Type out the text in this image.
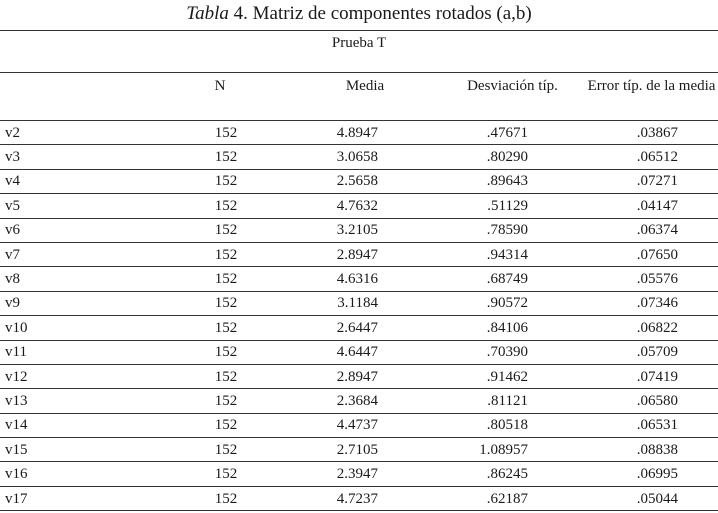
Tabla 4. Matriz de componentes rotados (a,b)
Prueba T				
	N	Media	Desviación típ.	Error típ. de la media
v2	152	4.8947	.47671	.03867
v3	152	3.0658	.80290	.06512
v4	152	2.5658	.89643	.07271
v5	152	4.7632	.51129	.04147
v6	152	3.2105	.78590	.06374
v7	152	2.8947	.94314	.07650
v8	152	4.6316	.68749	.05576
v9	152	3.1184	.90572	.07346
v10	152	2.6447	.84106	.06822
v11	152	4.6447	.70390	.05709
v12	152	2.8947	.91462	.07419
v13	152	2.3684	.81121	.06580
v14	152	4.4737	.80518	.06531
v15	152	2.7105	1.08957	.08838
v16	152	2.3947	.86245	.06995
v17	152	4.7237	.62187	.05044
